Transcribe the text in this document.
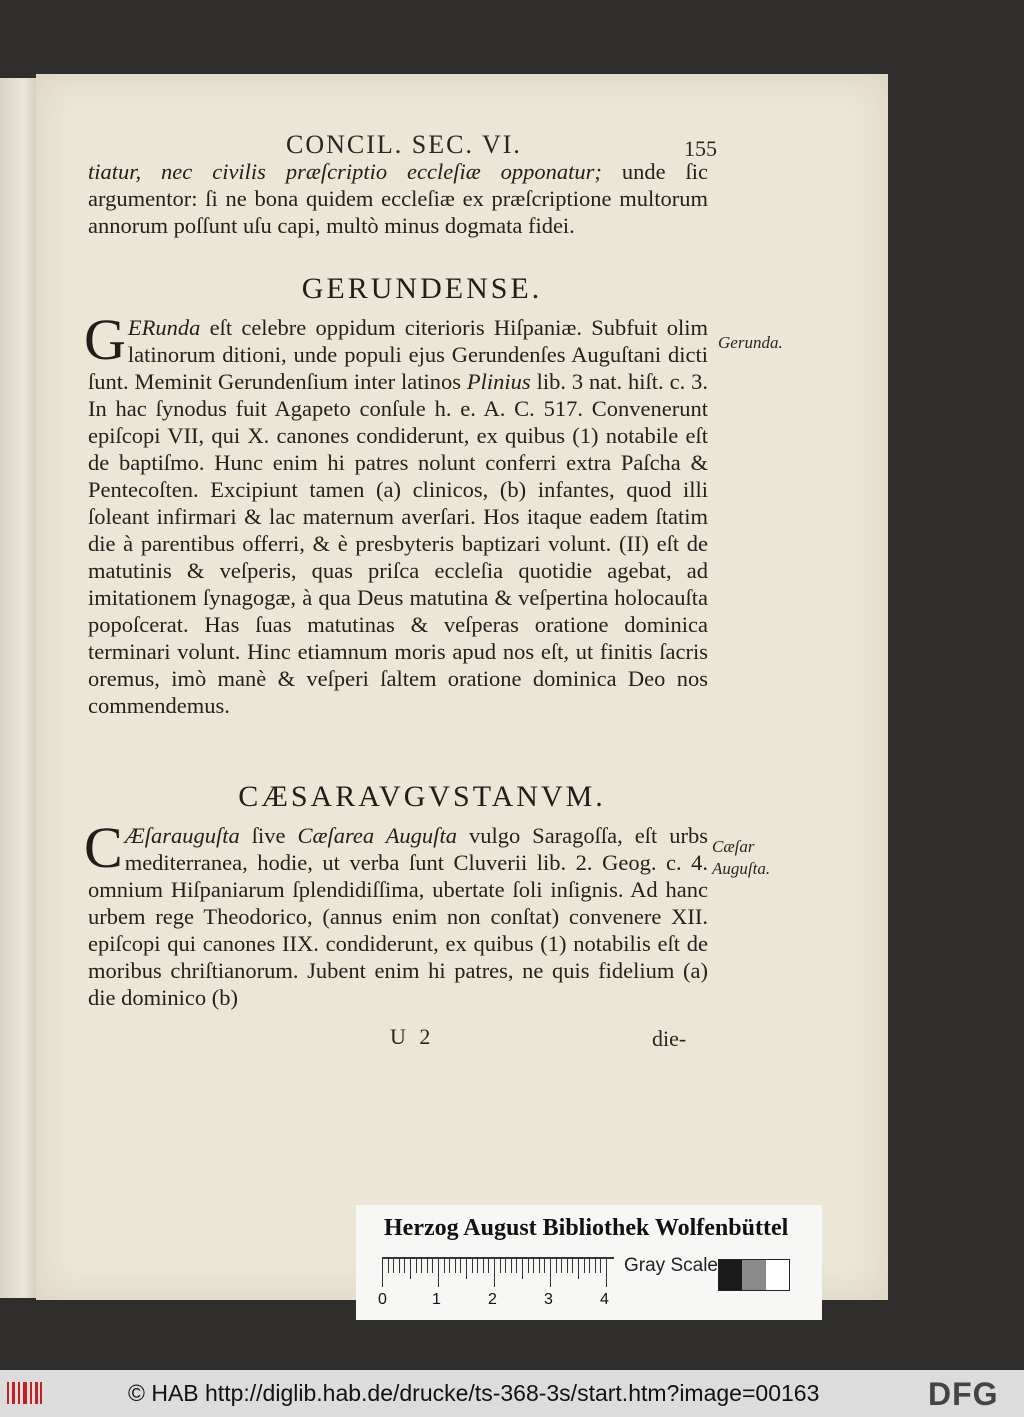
CONCIL. SEC. VI.	155

tiatur, nec civilis præſcriptio eccleſiæ opponatur; unde ſic argumentor: ſi ne bona quidem eccleſiæ ex præſcriptione multorum annorum poſſunt uſu capi, multò minus dogmata fidei.

GERUNDENSE.

G ERunda eſt celebre oppidum citerioris Hiſpaniæ. Subfuit olim latinorum ditioni, unde populi ejus Gerundenſes Auguſtani dicti ſunt. Meminit Gerundenſium inter latinos Plinius lib. 3 nat. hiſt. c. 3. In hac ſynodus fuit Agapeto conſule h. e. A. C. 517. Convenerunt epiſcopi VII, qui X. canones condiderunt, ex quibus (1) notabile eſt de baptiſmo. Hunc enim hi patres nolunt conferri extra Paſcha & Pentecoſten. Excipiunt tamen (a) clinicos, (b) infantes, quod illi ſoleant infirmari & lac maternum averſari. Hos itaque eadem ſtatim die à parentibus offerri, & è presbyteris baptizari volunt. (II) eſt de matutinis & veſperis, quas priſca eccleſia quotidie agebat, ad imitationem ſynagogæ, à qua Deus matutina & veſpertina holocauſta popoſcerat. Has ſuas matutinas & veſperas oratione dominica terminari volunt. Hinc etiamnum moris apud nos eſt, ut finitis ſacris oremus, imò manè & veſperi ſaltem oratione dominica Deo nos commendemus.

Gerunda.
CÆSARAVGVSTANVM.

C Æſarauguſta ſive Cæſarea Auguſta vulgo Saragoſſa, eſt urbs mediterranea, hodie, ut verba ſunt Cluverii lib. 2. Geog. c. 4. omnium Hiſpaniarum ſplendidiſſima, ubertate ſoli inſignis. Ad hanc urbem rege Theodorico, (annus enim non conſtat) convenere XII. epiſcopi qui canones IIX. condiderunt, ex quibus (1) notabilis eſt de moribus chriſtianorum. Jubent enim hi patres, ne quis fidelium (a) die dominico (b)

Cæſar
Auguſta.
U 2	die-
Herzog August Bibliothek Wolfenbüttel
0	1	2	3	4
Gray Scale
© HAB http://diglib.hab.de/drucke/ts-368-3s/start.htm?image=00163	DFG
